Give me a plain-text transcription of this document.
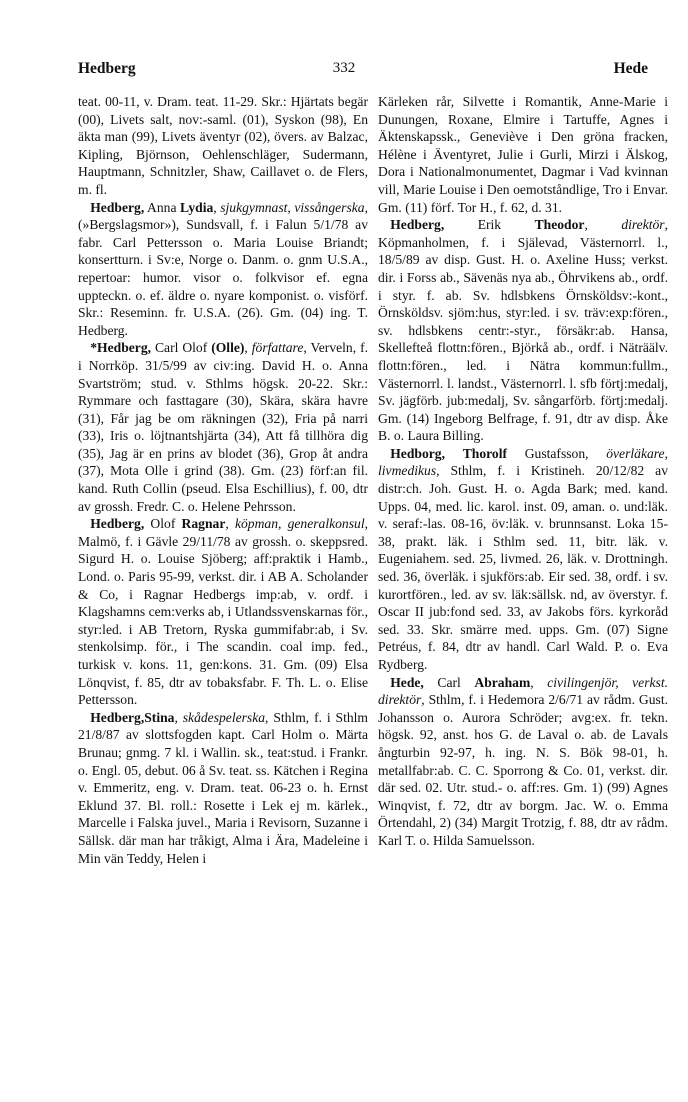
Hedberg	332	Hede

teat. 00-11, v. Dram. teat. 11-29. Skr.: Hjärtats begär (00), Livets salt, nov:-saml. (01), Syskon (98), En äkta man (99), Livets äventyr (02), övers. av Balzac, Kipling, Björnson, Oehlenschläger, Sudermann, Hauptmann, Schnitzler, Shaw, Caillavet o. de Flers, m. fl.

Hedberg, Anna Lydia, sjukgymnast, vissångerska, (»Bergslagsmor»), Sundsvall, f. i Falun 5/1/78 av fabr. Carl Pettersson o. Maria Louise Briandt; konsertturn. i Sv:e, Norge o. Danm. o. gnm U.S.A., repertoar: humor. visor o. folkvisor ef. egna uppteckn. o. ef. äldre o. nyare komponist. o. visförf. Skr.: Reseminn. fr. U.S.A. (26). Gm. (04) ing. T. Hedberg.

*Hedberg, Carl Olof (Olle), författare, Verveln, f. i Norrköp. 31/5/99 av civ:ing. David H. o. Anna Svartström; stud. v. Sthlms högsk. 20-22. Skr.: Rymmare och fasttagare (30), Skära, skära havre (31), Får jag be om räkningen (32), Fria på narri (33), Iris o. löjtnantshjärta (34), Att få tillhöra dig (35), Jag är en prins av blodet (36), Grop åt andra (37), Mota Olle i grind (38). Gm. (23) förf:an fil. kand. Ruth Collin (pseud. Elsa Eschillius), f. 00, dtr av grossh. Fredr. C. o. Helene Pehrsson.

Hedberg, Olof Ragnar, köpman, generalkonsul, Malmö, f. i Gävle 29/11/78 av grossh. o. skeppsred. Sigurd H. o. Louise Sjöberg; aff:praktik i Hamb., Lond. o. Paris 95-99, verkst. dir. i AB A. Scholander & Co, i Ragnar Hedbergs imp:ab, v. ordf. i Klagshamns cem:verks ab, i Utlandssvenskarnas för., styr:led. i AB Tretorn, Ryska gummifabr:ab, i Sv. stenkolsimp. för., i The scandin. coal imp. fed., turkisk v. kons. 11, gen:kons. 31. Gm. (09) Elsa Lönqvist, f. 85, dtr av tobaksfabr. F. Th. L. o. Elise Pettersson.

Hedberg,Stina, skådespelerska, Sthlm, f. i Sthlm 21/8/87 av slottsfogden kapt. Carl Holm o. Märta Brunau; gnmg. 7 kl. i Wallin. sk., teat:stud. i Frankr. o. Engl. 05, debut. 06 å Sv. teat. ss. Kätchen i Regina v. Emmeritz, eng. v. Dram. teat. 06-23 o. h. Ernst Eklund 37. Bl. roll.: Rosette i Lek ej m. kärlek., Marcelle i Falska juvel., Maria i Revisorn, Suzanne i Sällsk. där man har tråkigt, Alma i Ära, Madeleine i Min vän Teddy, Helen i

Kärleken rår, Silvette i Romantik, Anne-Marie i Dunungen, Roxane, Elmire i Tartuffe, Agnes i Äktenskapssk., Geneviève i Den gröna fracken, Hélène i Äventyret, Julie i Gurli, Mirzi i Älskog, Dora i Nationalmonumentet, Dagmar i Vad kvinnan vill, Marie Louise i Den oemotståndlige, Tro i Envar. Gm. (11) förf. Tor H., f. 62, d. 31.

Hedberg, Erik Theodor, direktör, Köpmanholmen, f. i Själevad, Västernorrl. l., 18/5/89 av disp. Gust. H. o. Axeline Huss; verkst. dir. i Forss ab., Sävenäs nya ab., Öhrvikens ab., ordf. i styr. f. ab. Sv. hdlsbkens Örnsköldsv:-kont., Örnsköldsv. sjöm:hus, styr:led. i sv. träv:exp:fören., sv. hdlsbkens centr:-styr., försäkr:ab. Hansa, Skellefteå flottn:fören., Björkå ab., ordf. i Näträälv. flottn:fören., led. i Nätra kommun:fullm., Västernorrl. l. landst., Västernorrl. l. sfb förtj:medalj, Sv. jägförb. jub:medalj, Sv. sångarförb. förtj:medalj. Gm. (14) Ingeborg Belfrage, f. 91, dtr av disp. Åke B. o. Laura Billing.

Hedborg, Thorolf Gustafsson, överläkare, livmedikus, Sthlm, f. i Kristineh. 20/12/82 av distr:ch. Joh. Gust. H. o. Agda Bark; med. kand. Upps. 04, med. lic. karol. inst. 09, aman. o. und:läk. v. seraf:-las. 08-16, öv:läk. v. brunnsanst. Loka 15-38, prakt. läk. i Sthlm sed. 11, bitr. läk. v. Eugeniahem. sed. 25, livmed. 26, läk. v. Drottningh. sed. 36, överläk. i sjukförs:ab. Eir sed. 38, ordf. i sv. kurortfören., led. av sv. läk:sällsk. nd, av överstyr. f. Oscar II jub:fond sed. 33, av Jakobs förs. kyrkoråd sed. 33. Skr. smärre med. upps. Gm. (07) Signe Petréus, f. 84, dtr av handl. Carl Wald. P. o. Eva Rydberg.

Hede, Carl Abraham, civilingenjör, verkst. direktör, Sthlm, f. i Hedemora 2/6/71 av rådm. Gust. Johansson o. Aurora Schröder; avg:ex. fr. tekn. högsk. 92, anst. hos G. de Laval o. ab. de Lavals ångturbin 92-97, h. ing. N. S. Bök 98-01, h. metallfabr:ab. C. C. Sporrong & Co. 01, verkst. dir. där sed. 02. Utr. stud.- o. aff:res. Gm. 1) (99) Agnes Winqvist, f. 72, dtr av borgm. Jac. W. o. Emma Örtendahl, 2) (34) Margit Trotzig, f. 88, dtr av rådm. Karl T. o. Hilda Samuelsson.
